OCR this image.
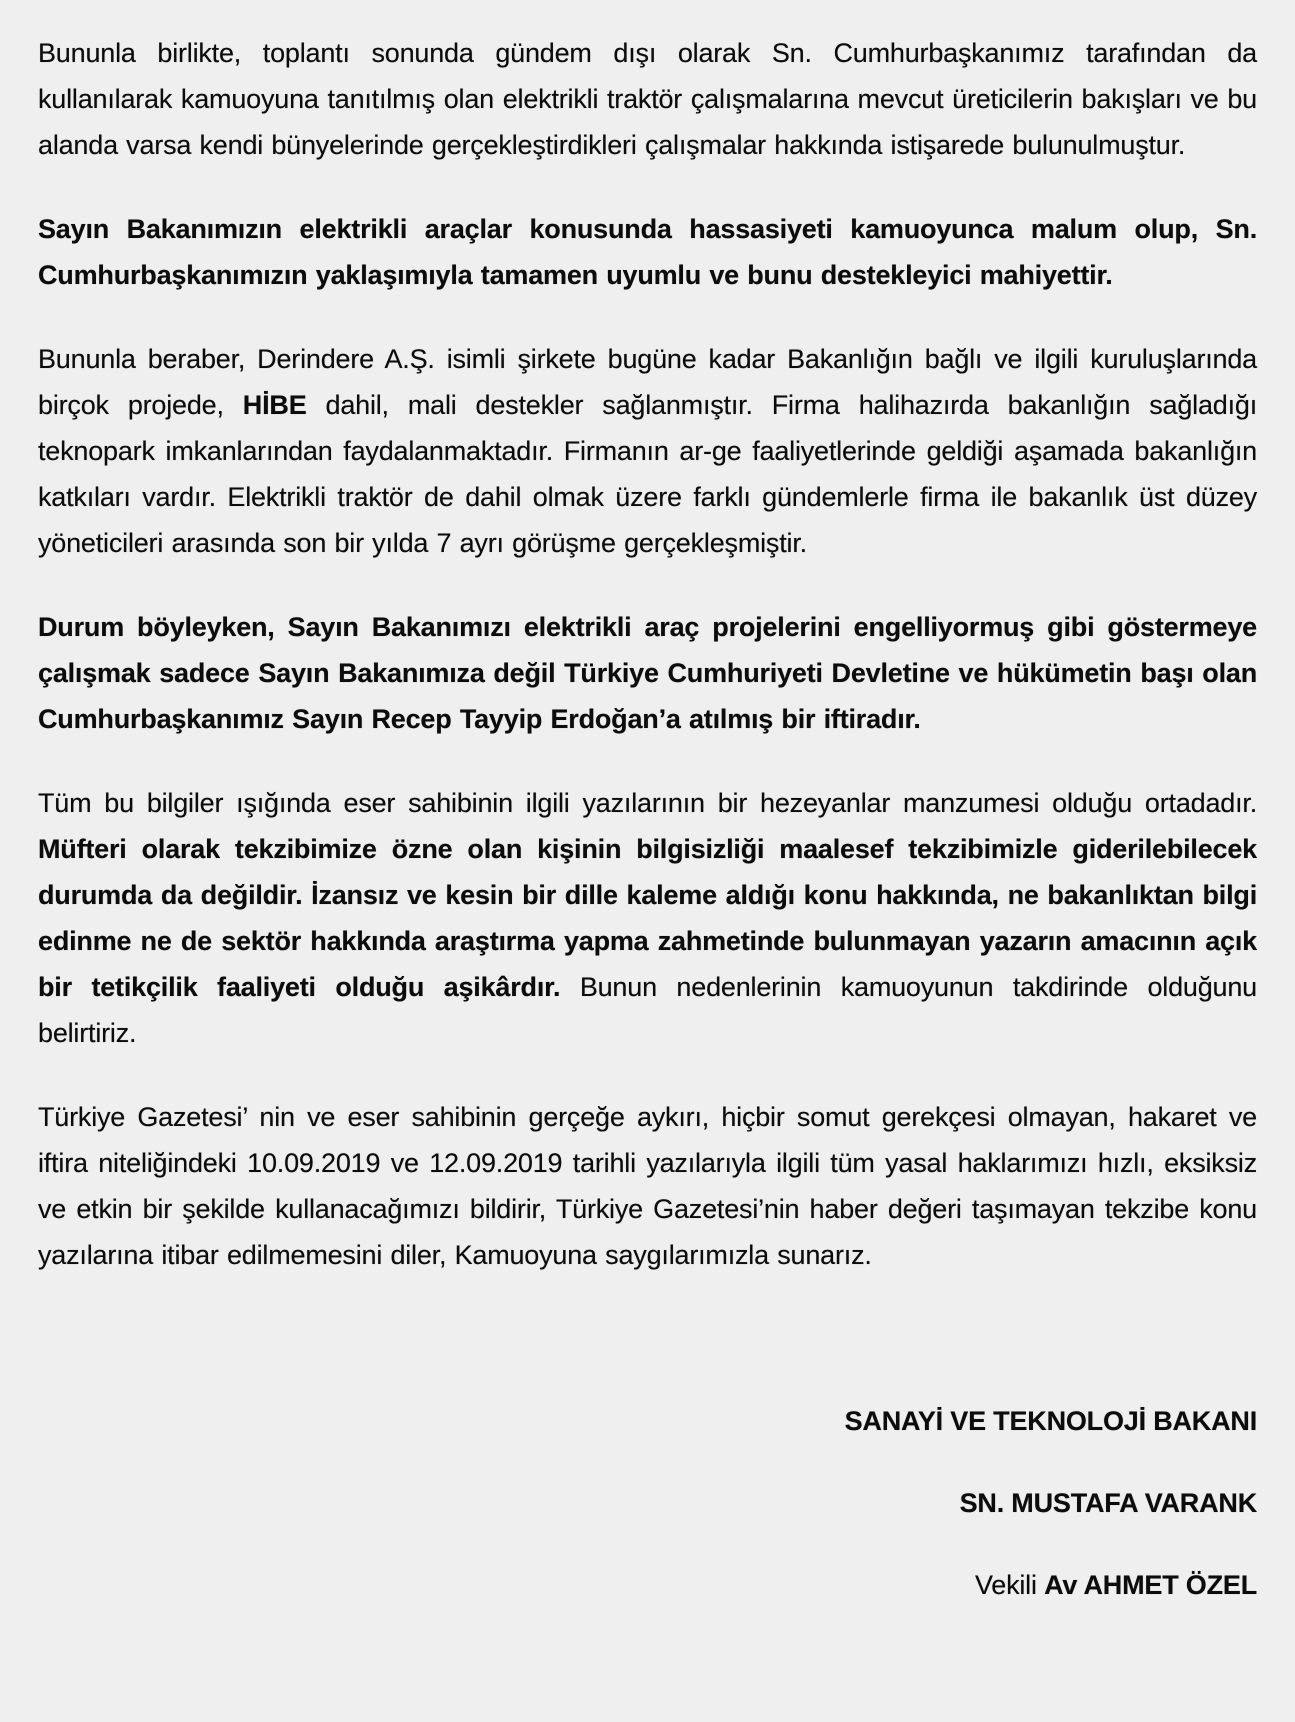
Bununla birlikte, toplantı sonunda gündem dışı olarak Sn. Cumhurbaşkanımız tarafından da kullanılarak kamuoyuna tanıtılmış olan elektrikli traktör çalışmalarına mevcut üreticilerin bakışları ve bu alanda varsa kendi bünyelerinde gerçekleştirdikleri çalışmalar hakkında istişarede bulunulmuştur.

Sayın Bakanımızın elektrikli araçlar konusunda hassasiyeti kamuoyunca malum olup, Sn. Cumhurbaşkanımızın yaklaşımıyla tamamen uyumlu ve bunu destekleyici mahiyettir.

Bununla beraber, Derindere A.Ş. isimli şirkete bugüne kadar Bakanlığın bağlı ve ilgili kuruluşlarında birçok projede, HİBE dahil, mali destekler sağlanmıştır. Firma halihazırda bakanlığın sağladığı teknopark imkanlarından faydalanmaktadır. Firmanın ar-ge faaliyetlerinde geldiği aşamada bakanlığın katkıları vardır. Elektrikli traktör de dahil olmak üzere farklı gündemlerle firma ile bakanlık üst düzey yöneticileri arasında son bir yılda 7 ayrı görüşme gerçekleşmiştir.

Durum böyleyken, Sayın Bakanımızı elektrikli araç projelerini engelliyormuş gibi göstermeye çalışmak sadece Sayın Bakanımıza değil Türkiye Cumhuriyeti Devletine ve hükümetin başı olan Cumhurbaşkanımız Sayın Recep Tayyip Erdoğan’a atılmış bir iftiradır.

Tüm bu bilgiler ışığında eser sahibinin ilgili yazılarının bir hezeyanlar manzumesi olduğu ortadadır. Müfteri olarak tekzibimize özne olan kişinin bilgisizliği maalesef tekzibimizle giderilebilecek durumda da değildir. İzansız ve kesin bir dille kaleme aldığı konu hakkında, ne bakanlıktan bilgi edinme ne de sektör hakkında araştırma yapma zahmetinde bulunmayan yazarın amacının açık bir tetikçilik faaliyeti olduğu aşikârdır. Bunun nedenlerinin kamuoyunun takdirinde olduğunu belirtiriz.

Türkiye Gazetesi’ nin ve eser sahibinin gerçeğe aykırı, hiçbir somut gerekçesi olmayan, hakaret ve iftira niteliğindeki 10.09.2019 ve 12.09.2019 tarihli yazılarıyla ilgili tüm yasal haklarımızı hızlı, eksiksiz ve etkin bir şekilde kullanacağımızı bildirir, Türkiye Gazetesi’nin haber değeri taşımayan tekzibe konu yazılarına itibar edilmemesini diler, Kamuoyuna saygılarımızla sunarız.

SANAYİ VE TEKNOLOJİ BAKANI

SN. MUSTAFA VARANK

Vekili Av AHMET ÖZEL
